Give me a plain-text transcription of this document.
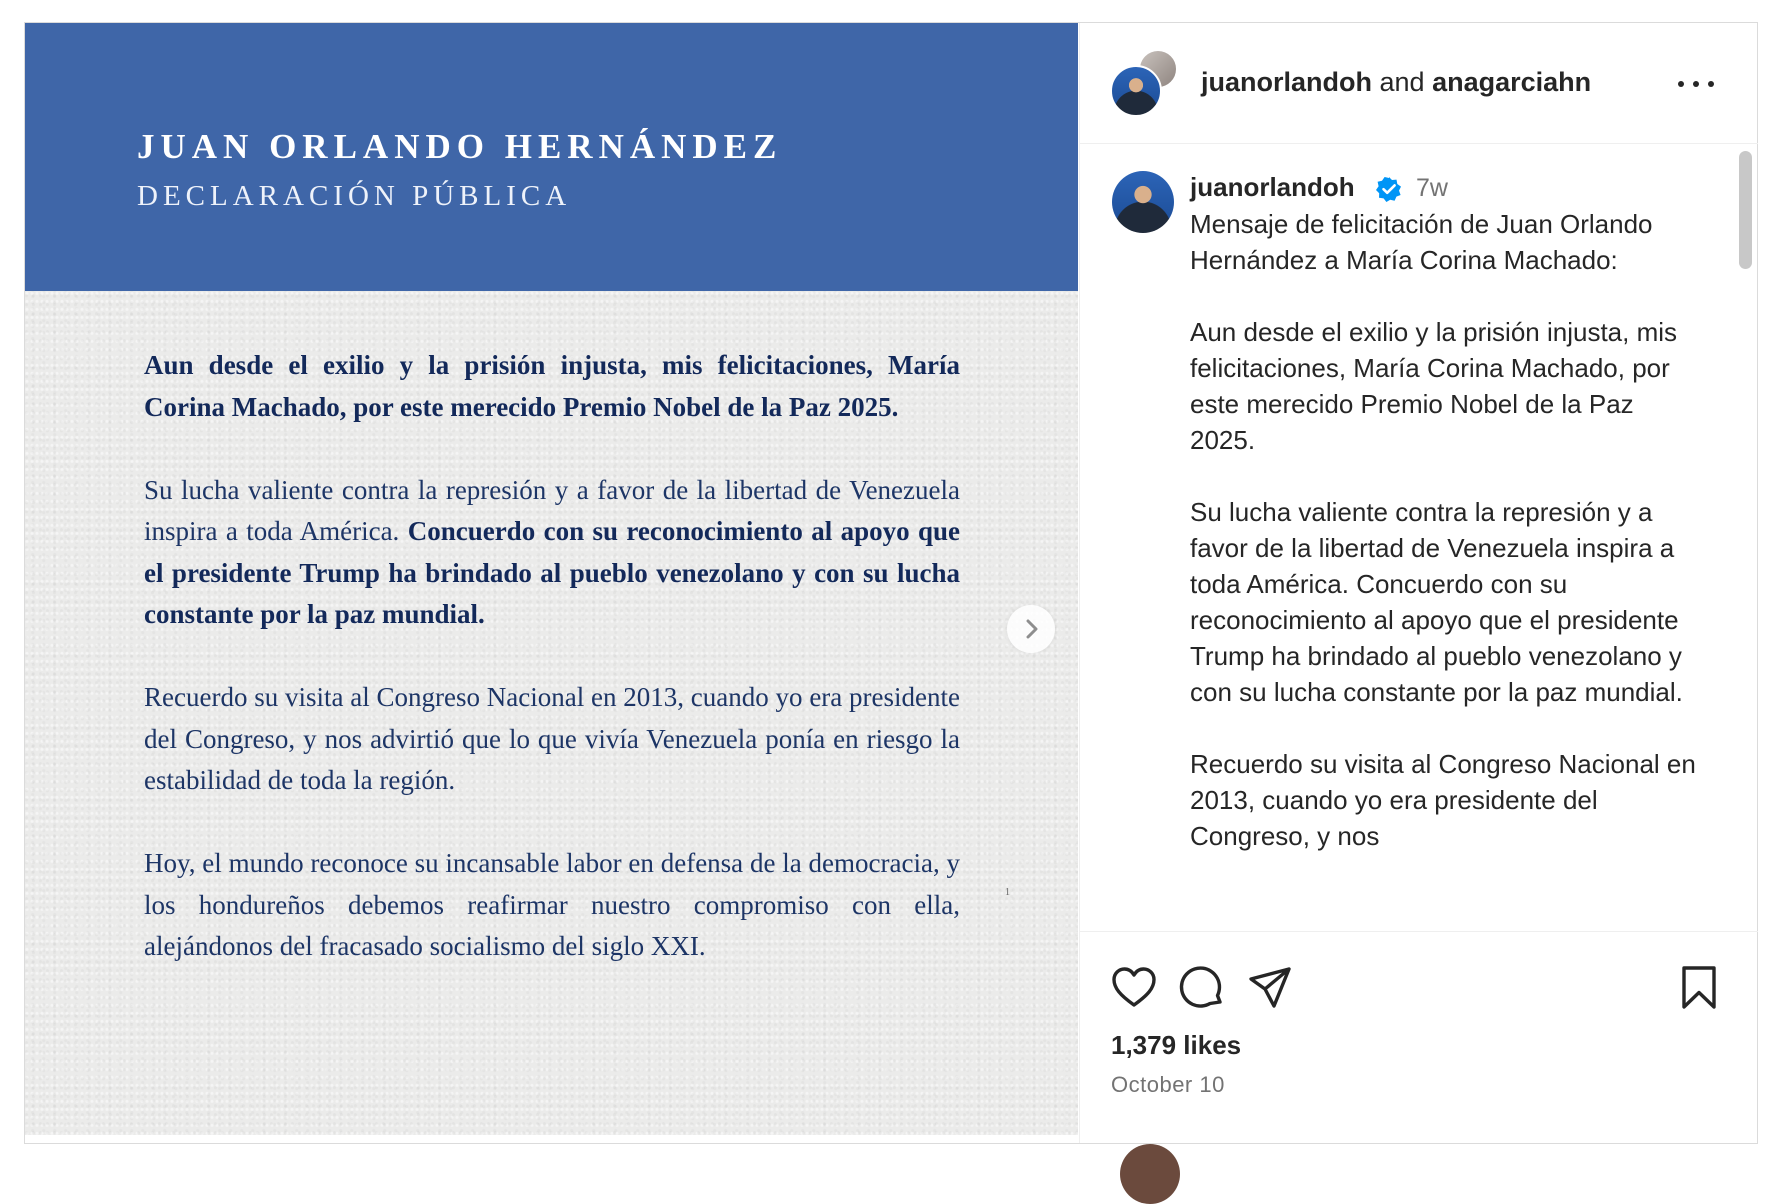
JUAN ORLANDO HERNÁNDEZ
DECLARACIÓN PÚBLICA

Aun desde el exilio y la prisión injusta, mis felicitaciones, María Corina Machado, por este merecido Premio Nobel de la Paz 2025.

Su lucha valiente contra la represión y a favor de la libertad de Venezuela inspira a toda América. Concuerdo con su reconocimiento al apoyo que el presidente Trump ha brindado al pueblo venezolano y con su lucha constante por la paz mundial.

Recuerdo su visita al Congreso Nacional en 2013, cuando yo era presidente del Congreso, y nos advirtió que lo que vivía Venezuela ponía en riesgo la estabilidad de toda la región.

Hoy, el mundo reconoce su incansable labor en defensa de la democracia, y los hondureños debemos reafirmar nuestro compromiso con ella, alejándonos del fracasado socialismo del siglo XXI.

1
juanorlandoh and anagarciahn
juanorlandoh 7w

Mensaje de felicitación de Juan Orlando Hernández a María Corina Machado:

Aun desde el exilio y la prisión injusta, mis felicitaciones, María Corina Machado, por este merecido Premio Nobel de la Paz 2025.

Su lucha valiente contra la represión y a favor de la libertad de Venezuela inspira a toda América. Concuerdo con su reconocimiento al apoyo que el presidente Trump ha brindado al pueblo venezolano y con su lucha constante por la paz mundial.

Recuerdo su visita al Congreso Nacional en 2013, cuando yo era presidente del Congreso, y nos

1,379 likes
October 10
